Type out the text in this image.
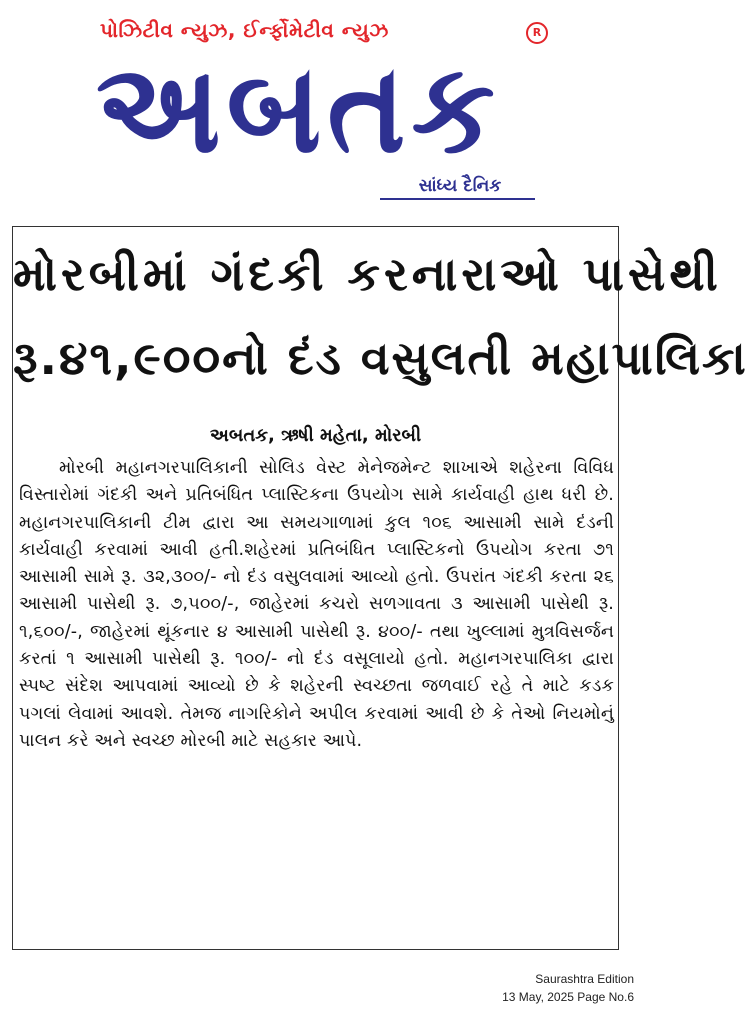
પોઝિટીવ ન્યુઝ, ઈર્ન્ફોમેટીવ ન્યુઝ	R
અબતક
સાંધ્ય દૈનિક
મોરબીમાં ગંદકી કરનારાઓ પાસેથી
રૂ.૪૧,૯૦૦નો દંડ વસુલતી મહાપાલિકા
અબતક, ઋષી મહેતા, મોરબી
મોરબી મહાનગરપાલિકાની સોલિડ વેસ્ટ મેનેજમેન્ટ શાખાએ શહેરના વિવિધ વિસ્તારોમાં ગંદકી અને પ્રતિબંધિત પ્લાસ્ટિકના ઉપયોગ સામે કાર્યવાહી હાથ ધરી છે. મહાનગરપાલિકાની ટીમ દ્વારા આ સમયગાળામાં કુલ ૧૦૬ આસામી સામે દંડની કાર્યવાહી કરવામાં આવી હતી.શહેરમાં પ્રતિબંધિત પ્લાસ્ટિકનો ઉપયોગ કરતા ૭૧ આસામી સામે રૂ. ૩૨,૩૦૦/- નો દંડ વસુલવામાં આવ્યો હતો. ઉપરાંત ગંદકી કરતા ૨૬ આસામી પાસેથી રૂ. ૭,૫૦૦/-, જાહેરમાં કચરો સળગાવતા ૩ આસામી પાસેથી રૂ. ૧,૬૦૦/-, જાહેરમાં થૂંકનાર ૪ આસામી પાસેથી રૂ. ૪૦૦/- તથા ખુલ્લામાં મુત્રવિસર્જન કરતાં ૧ આસામી પાસેથી રૂ. ૧૦૦/- નો દંડ વસૂલાયો હતો. મહાનગરપાલિકા દ્વારા સ્પષ્ટ સંદેશ આપવામાં આવ્યો છે કે શહેરની સ્વચ્છતા જળવાઈ રહે તે માટે કડક પગલાં લેવામાં આવશે. તેમજ નાગરિકોને અપીલ કરવામાં આવી છે કે તેઓ નિયમોનું પાલન કરે અને સ્વચ્છ મોરબી માટે સહકાર આપે.
Saurashtra Edition
13 May, 2025 Page No.6
